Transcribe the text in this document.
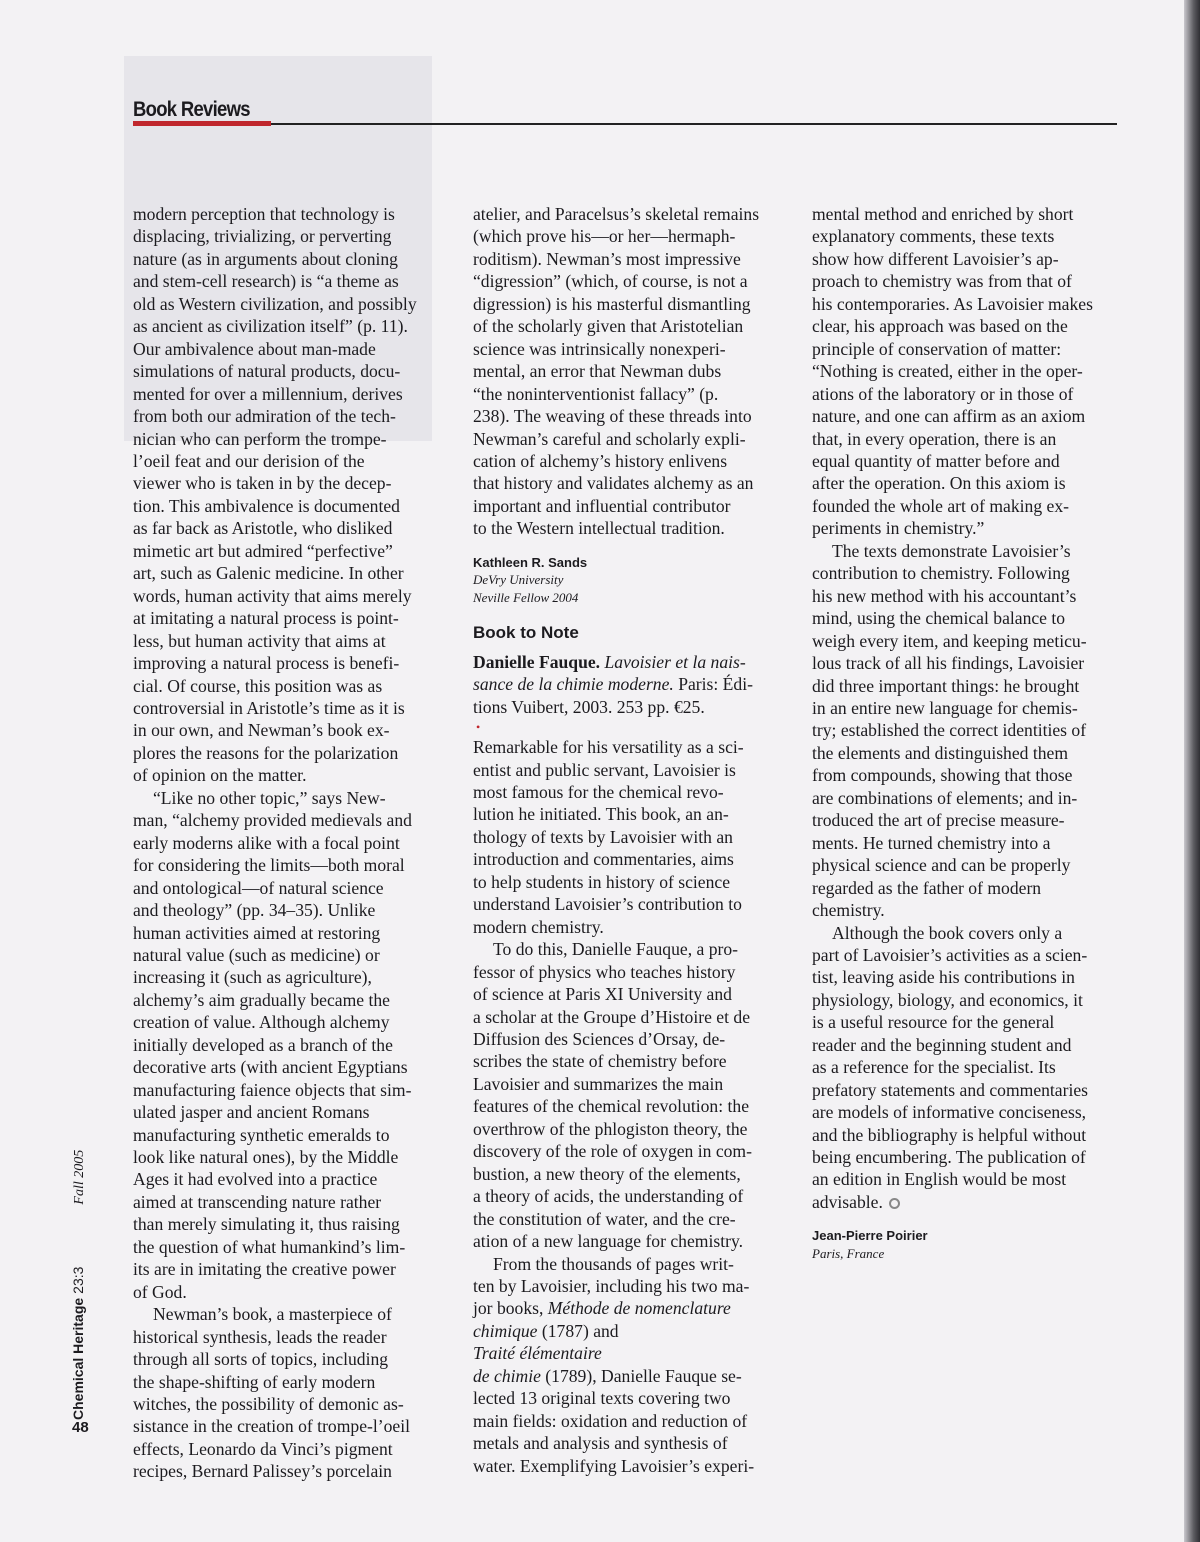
Book Reviews
modern perception that technology is
displacing, trivializing, or perverting
nature (as in arguments about cloning
and stem-cell research) is “a theme as
old as Western civilization, and possibly
as ancient as civilization itself” (p. 11).
Our ambivalence about man-made
simulations of natural products, docu-
mented for over a millennium, derives
from both our admiration of the tech-
nician who can perform the trompe-
l’oeil feat and our derision of the
viewer who is taken in by the decep-
tion. This ambivalence is documented
as far back as Aristotle, who disliked
mimetic art but admired “perfective”
art, such as Galenic medicine. In other
words, human activity that aims merely
at imitating a natural process is point-
less, but human activity that aims at
improving a natural process is benefi-
cial. Of course, this position was as
controversial in Aristotle’s time as it is
in our own, and Newman’s book ex-
plores the reasons for the polarization
of opinion on the matter.
“Like no other topic,” says New-
man, “alchemy provided medievals and
early moderns alike with a focal point
for considering the limits—both moral
and ontological—of natural science
and theology” (pp. 34–35). Unlike
human activities aimed at restoring
natural value (such as medicine) or
increasing it (such as agriculture),
alchemy’s aim gradually became the
creation of value. Although alchemy
initially developed as a branch of the
decorative arts (with ancient Egyptians
manufacturing faience objects that sim-
ulated jasper and ancient Romans
manufacturing synthetic emeralds to
look like natural ones), by the Middle
Ages it had evolved into a practice
aimed at transcending nature rather
than merely simulating it, thus raising
the question of what humankind’s lim-
its are in imitating the creative power
of God.
Newman’s book, a masterpiece of
historical synthesis, leads the reader
through all sorts of topics, including
the shape-shifting of early modern
witches, the possibility of demonic as-
sistance in the creation of trompe-l’oeil
effects, Leonardo da Vinci’s pigment
recipes, Bernard Palissey’s porcelain
atelier, and Paracelsus’s skeletal remains
(which prove his—or her—hermaph-
roditism). Newman’s most impressive
“digression” (which, of course, is not a
digression) is his masterful dismantling
of the scholarly given that Aristotelian
science was intrinsically nonexperi-
mental, an error that Newman dubs
“the noninterventionist fallacy” (p.
238). The weaving of these threads into
Newman’s careful and scholarly expli-
cation of alchemy’s history enlivens
that history and validates alchemy as an
important and influential contributor
to the Western intellectual tradition.
Kathleen R. Sands
DeVry University
Neville Fellow 2004
Book to Note
Danielle Fauque. Lavoisier et la nais-
sance de la chimie moderne. Paris: Édi-
tions Vuibert, 2003. 253 pp. €25.
•
Remarkable for his versatility as a sci-
entist and public servant, Lavoisier is
most famous for the chemical revo-
lution he initiated. This book, an an-
thology of texts by Lavoisier with an
introduction and commentaries, aims
to help students in history of science
understand Lavoisier’s contribution to
modern chemistry.
To do this, Danielle Fauque, a pro-
fessor of physics who teaches history
of science at Paris XI University and
a scholar at the Groupe d’Histoire et de
Diffusion des Sciences d’Orsay, de-
scribes the state of chemistry before
Lavoisier and summarizes the main
features of the chemical revolution: the
overthrow of the phlogiston theory, the
discovery of the role of oxygen in com-
bustion, a new theory of the elements,
a theory of acids, the understanding of
the constitution of water, and the cre-
ation of a new language for chemistry.
From the thousands of pages writ-
ten by Lavoisier, including his two ma-
jor books, Méthode de nomenclature
chimique (1787) and
Traité élémentaire
de chimie (1789), Danielle Fauque se-
lected 13 original texts covering two
main fields: oxidation and reduction of
metals and analysis and synthesis of
water. Exemplifying Lavoisier’s experi-
mental method and enriched by short
explanatory comments, these texts
show how different Lavoisier’s ap-
proach to chemistry was from that of
his contemporaries. As Lavoisier makes
clear, his approach was based on the
principle of conservation of matter:
“Nothing is created, either in the oper-
ations of the laboratory or in those of
nature, and one can affirm as an axiom
that, in every operation, there is an
equal quantity of matter before and
after the operation. On this axiom is
founded the whole art of making ex-
periments in chemistry.”
The texts demonstrate Lavoisier’s
contribution to chemistry. Following
his new method with his accountant’s
mind, using the chemical balance to
weigh every item, and keeping meticu-
lous track of all his findings, Lavoisier
did three important things: he brought
in an entire new language for chemis-
try; established the correct identities of
the elements and distinguished them
from compounds, showing that those
are combinations of elements; and in-
troduced the art of precise measure-
ments. He turned chemistry into a
physical science and can be properly
regarded as the father of modern
chemistry.
Although the book covers only a
part of Lavoisier’s activities as a scien-
tist, leaving aside his contributions in
physiology, biology, and economics, it
is a useful resource for the general
reader and the beginning student and
as a reference for the specialist. Its
prefatory statements and commentaries
are models of informative conciseness,
and the bibliography is helpful without
being encumbering. The publication of
an edition in English would be most
advisable.
Jean-Pierre Poirier
Paris, France
Chemical Heritage23:3Fall 2005
48
